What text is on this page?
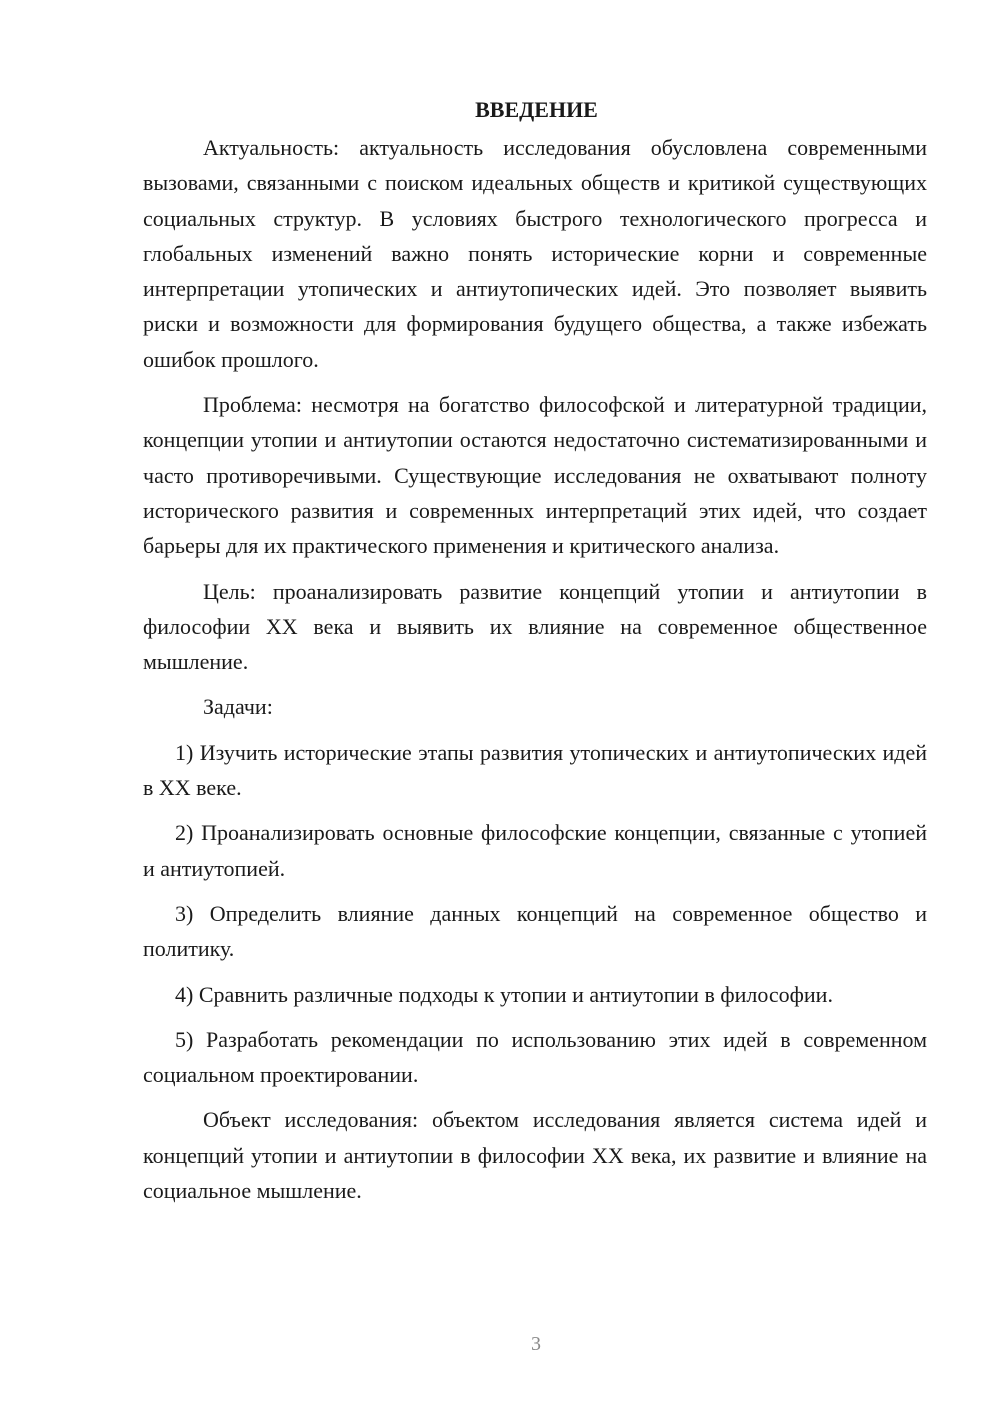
ВВЕДЕНИЕ

Актуальность: актуальность исследования обусловлена современными вызовами, связанными с поиском идеальных обществ и критикой существующих социальных структур. В условиях быстрого технологического прогресса и глобальных изменений важно понять исторические корни и современные интерпретации утопических и антиутопических идей. Это позволяет выявить риски и возможности для формирования будущего общества, а также избежать ошибок прошлого.

Проблема: несмотря на богатство философской и литературной традиции, концепции утопии и антиутопии остаются недостаточно систематизированными и часто противоречивыми. Существующие исследования не охватывают полноту исторического развития и современных интерпретаций этих идей, что создает барьеры для их практического применения и критического анализа.

Цель: проанализировать развитие концепций утопии и антиутопии в философии XX века и выявить их влияние на современное общественное мышление.

Задачи:

1) Изучить исторические этапы развития утопических и антиутопических идей в XX веке.

2) Проанализировать основные философские концепции, связанные с утопией и антиутопией.

3) Определить влияние данных концепций на современное общество и политику.

4) Сравнить различные подходы к утопии и антиутопии в философии.

5) Разработать рекомендации по использованию этих идей в современном социальном проектировании.

Объект исследования: объектом исследования является система идей и концепций утопии и антиутопии в философии XX века, их развитие и влияние на социальное мышление.

3
